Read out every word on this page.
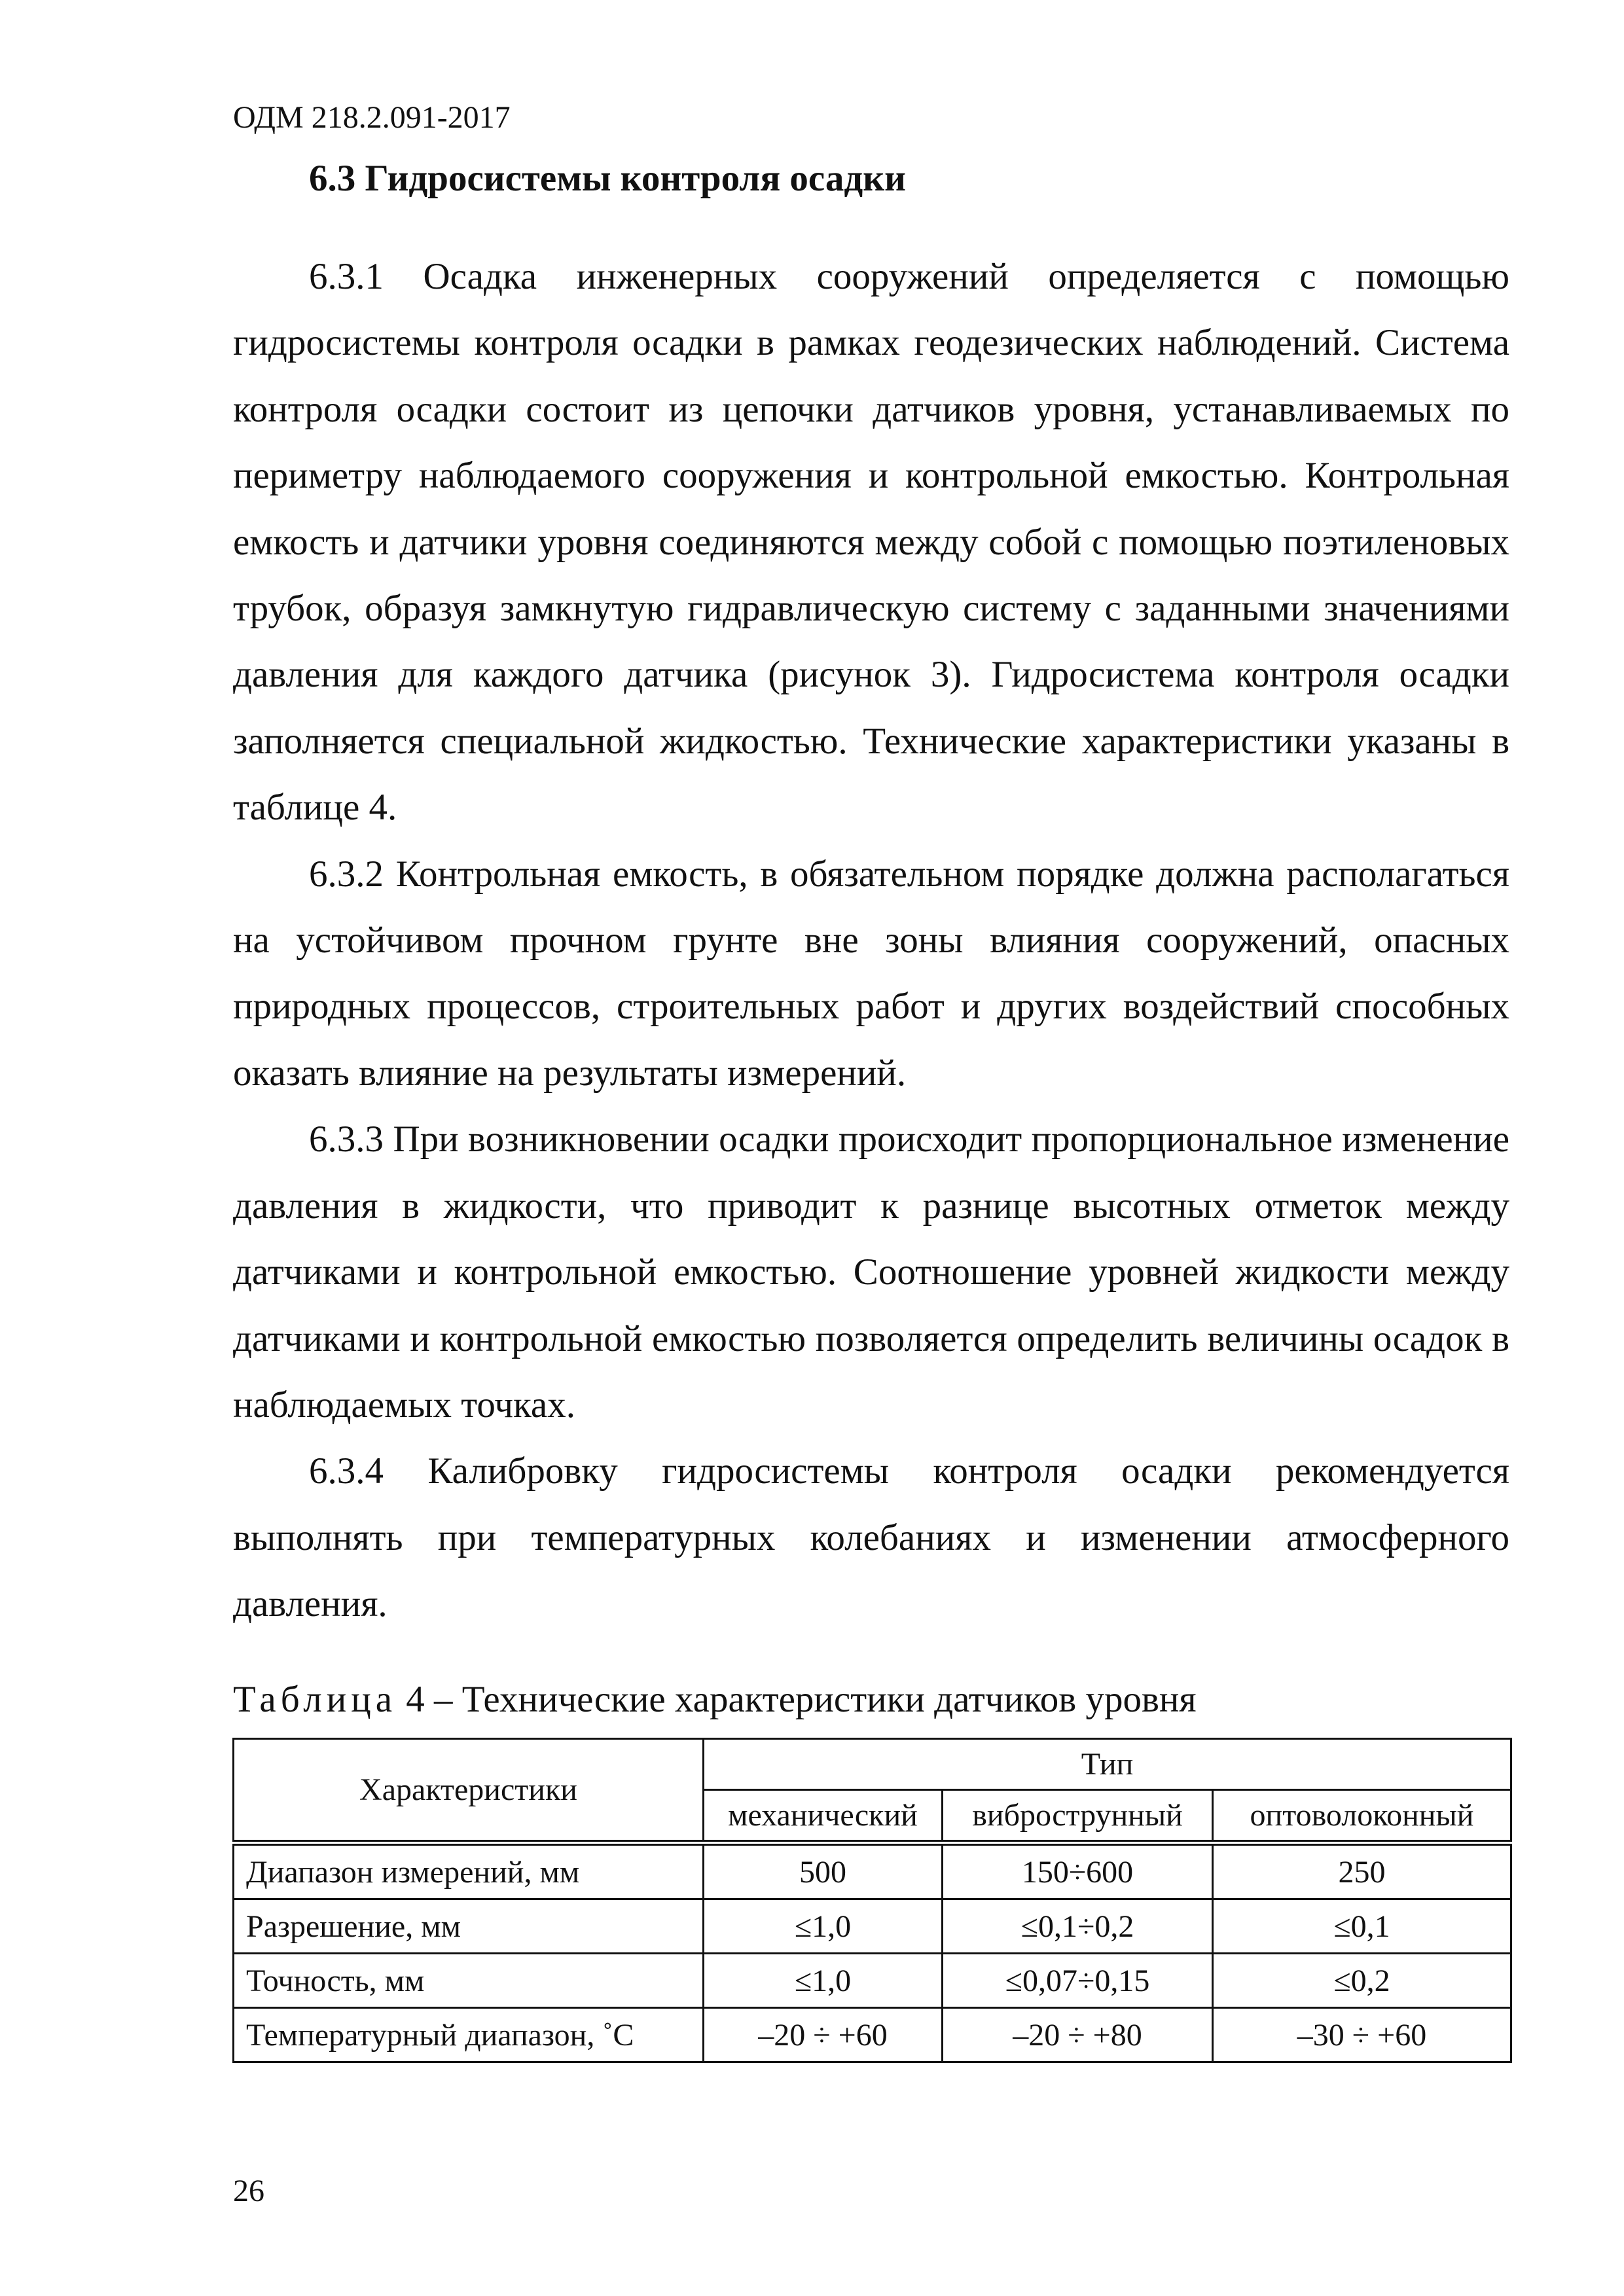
ОДМ 218.2.091-2017
6.3 Гидросистемы контроля осадки

6.3.1 Осадка инженерных сооружений определяется с помощью гидросистемы контроля осадки в рамках геодезических наблюдений. Система контроля осадки состоит из цепочки датчиков уровня, устанавливаемых по периметру наблюдаемого сооружения и контрольной емкостью. Контрольная емкость и датчики уровня соединяются между собой с помощью поэтиленовых трубок, образуя замкнутую гидравлическую систему с заданными значениями давления для каждого датчика (рисунок 3). Гидросистема контроля осадки заполняется специальной жидкостью. Технические характеристики указаны в таблице 4.

6.3.2 Контрольная емкость, в обязательном порядке должна располагаться на устойчивом прочном грунте вне зоны влияния сооружений, опасных природных процессов, строительных работ и других воздействий способных оказать влияние на результаты измерений.

6.3.3 При возникновении осадки происходит пропорциональное изменение давления в жидкости, что приводит к разнице высотных отметок между датчиками и контрольной емкостью. Соотношение уровней жидкости между датчиками и контрольной емкостью позволяется определить величины осадок в наблюдаемых точках.

6.3.4 Калибровку гидросистемы контроля осадки рекомендуется выполнять при температурных колебаниях и изменении атмосферного давления.

Таблица 4 – Технические характеристики датчиков уровня
Характеристики	Тип		
	механический	виброструнный	оптоволоконный
Диапазон измерений, мм	500	150÷600	250
Разрешение, мм	≤1,0	≤0,1÷0,2	≤0,1
Точность, мм	≤1,0	≤0,07÷0,15	≤0,2
Температурный диапазон, ˚С	–20 ÷ +60	–20 ÷ +80	–30 ÷ +60
26
